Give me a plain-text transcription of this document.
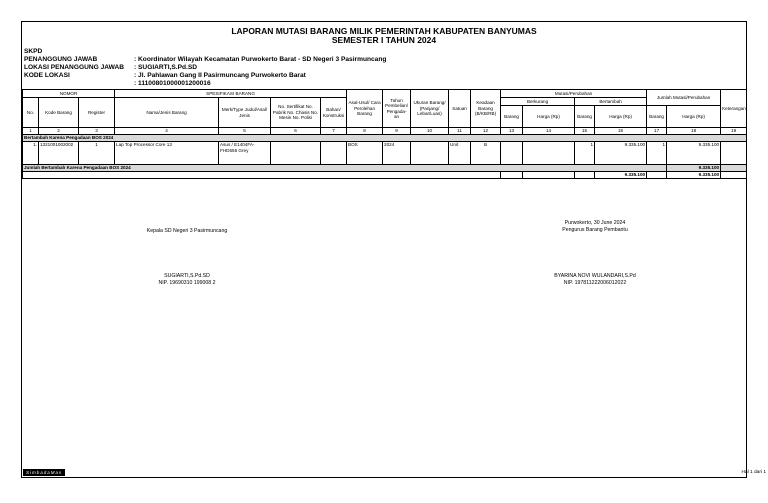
LAPORAN MUTASI BARANG MILIK PEMERINTAH KABUPATEN BANYUMAS
SEMESTER I TAHUN 2024
SKPD
PENANGGUNG JAWAB	: Koordinator Wilayah Kecamatan Purwokerto Barat - SD Negeri 3 Pasirmuncang
LOKASI PENANGGUNG JAWAB	: SUGIARTI,S.Pd.SD
KODE LOKASI	: Jl. Pahlawan Gang II Pasirmuncang Purwokerto Barat
: 11100801000001200016
NOMOR			SPESIFIKASI BARANG				Asal-Usul/ Cara Perolehan Barang	Tahun Pembelian/ Pengada- an	Ukuran Barang/ (Panjang/ Lebar/Luas)	Satuan	Keadaan Barang (B/KB/RB)	Mutasi/Perubahan				Jumlah Mutasi/Perubahan		Keterangan
No.	Kode Barang	Register	Nama/Jenis Barang	Merk/Type Judul/Asal/ Jenis	No. Sertifikat No. Pabrik No. Chasis No. Mesin No. Polisi	Bahan/ Konstruksi						Berkurang		Bertambah				
												Barang	Harga (Rp)	Barang	Harga (Rp)	Barang	Harga (Rp)	
1	2	3	4	5	6	7	8	9	10	11	12	13	14	15	16	17	18	19
Bertambah Karena Pengadaan BOS 2024																		
1.	1321001002002	1	Lap Top Processor Core 13	Asus / E1404FA-FHD555 Grey			BOS	2024		Unit	B			1	9.335.100	1	9.335.100	
Jumlah Bertambah Karena Pengadaan BOS 2024																	9.335.100	
															9.335.100		9.335.100	
Kepala SD Negeri 3 Pasirmuncang
SUGIARTI,S.Pd.SD
NIP. 19690310 199008 2
Purwokerto, 30 June 2024
Pengurus Barang Pembantu
BYARINA NOVI WULANDARI,S.Pd
NIP. 197811222006012022
SimbadaMas	Hal 1 dari 1
